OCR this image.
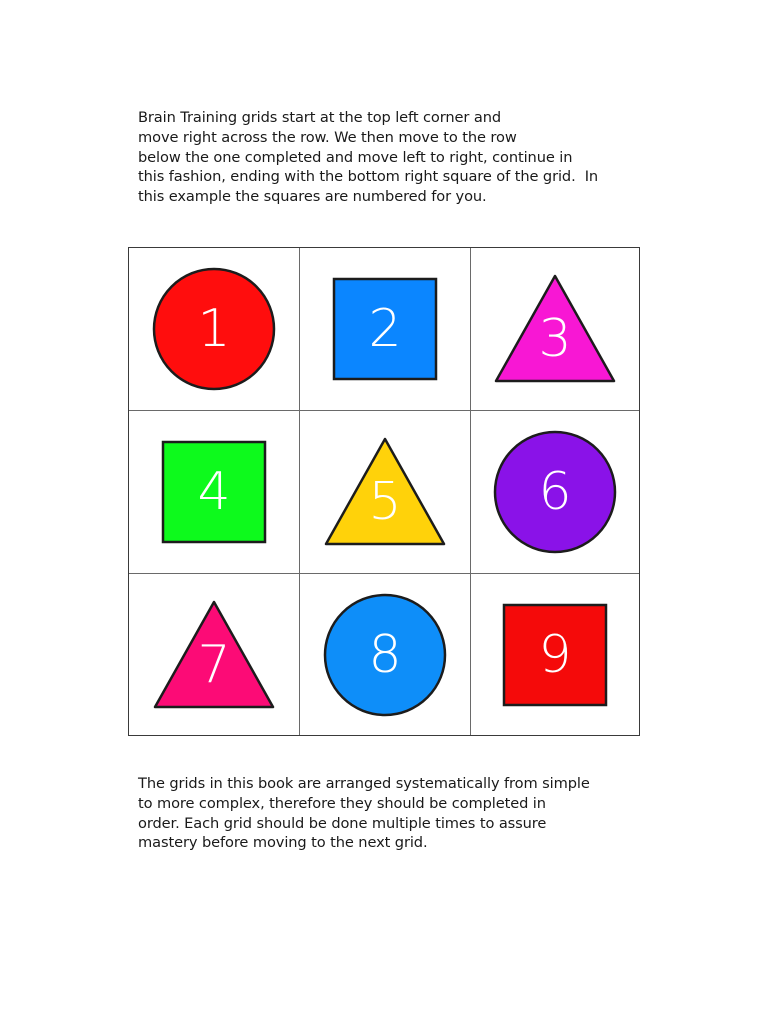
Brain Training grids start at the top left corner and
move right across the row. We then move to the row
below the one completed and move left to right, continue in
this fashion, ending with the bottom right square of the grid.  In
this example the squares are numbered for you.

1	2	3
4	5	6
7	8	9

The grids in this book are arranged systematically from simple
to more complex, therefore they should be completed in
order. Each grid should be done multiple times to assure
mastery before moving to the next grid.
